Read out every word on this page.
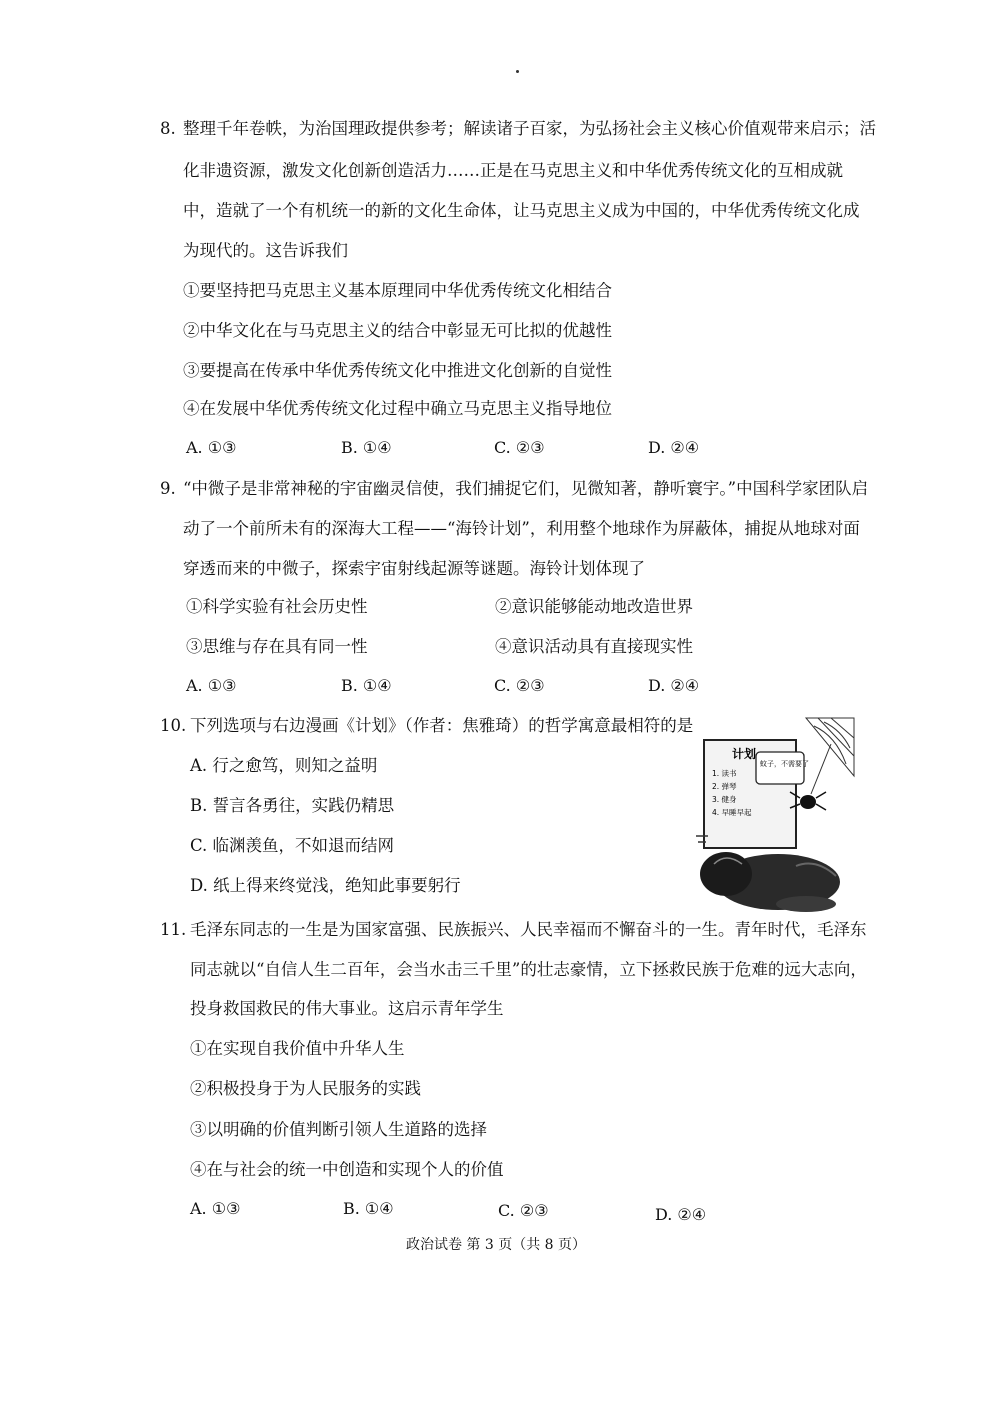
8. 整理千年卷帙，为治国理政提供参考；解读诸子百家，为弘扬社会主义核心价值观带来启示；活
化非遗资源，激发文化创新创造活力……正是在马克思主义和中华优秀传统文化的互相成就
中，造就了一个有机统一的新的文化生命体，让马克思主义成为中国的，中华优秀传统文化成
为现代的。这告诉我们
①要坚持把马克思主义基本原理同中华优秀传统文化相结合
②中华文化在与马克思主义的结合中彰显无可比拟的优越性
③要提高在传承中华优秀传统文化中推进文化创新的自觉性
④在发展中华优秀传统文化过程中确立马克思主义指导地位
A. ①③	B. ①④	C. ②③	D. ②④
9. “中微子是非常神秘的宇宙幽灵信使，我们捕捉它们，见微知著，静听寰宇。”中国科学家团队启
动了一个前所未有的深海大工程——“海铃计划”，利用整个地球作为屏蔽体，捕捉从地球对面
穿透而来的中微子，探索宇宙射线起源等谜题。海铃计划体现了
①科学实验有社会历史性	②意识能够能动地改造世界
③思维与存在具有同一性	④意识活动具有直接现实性
A. ①③	B. ①④	C. ②③	D. ②④
10. 下列选项与右边漫画《计划》（作者：焦雅琦）的哲学寓意最相符的是
A. 行之愈笃，则知之益明
B. 誓言各勇往，实践仍精思
C. 临渊羡鱼，不如退而结网
D. 纸上得来终觉浅，绝知此事要躬行
计划
1. 读书
2. 弹琴
3. 健身
4. 早睡早起
蚊子，不需要了
11. 毛泽东同志的一生是为国家富强、民族振兴、人民幸福而不懈奋斗的一生。青年时代，毛泽东
同志就以“自信人生二百年，会当水击三千里”的壮志豪情，立下拯救民族于危难的远大志向，
投身救国救民的伟大事业。这启示青年学生
①在实现自我价值中升华人生
②积极投身于为人民服务的实践
③以明确的价值判断引领人生道路的选择
④在与社会的统一中创造和实现个人的价值
A. ①③	B. ①④	C. ②③	D. ②④
政治试卷 第 3 页（共 8 页）
